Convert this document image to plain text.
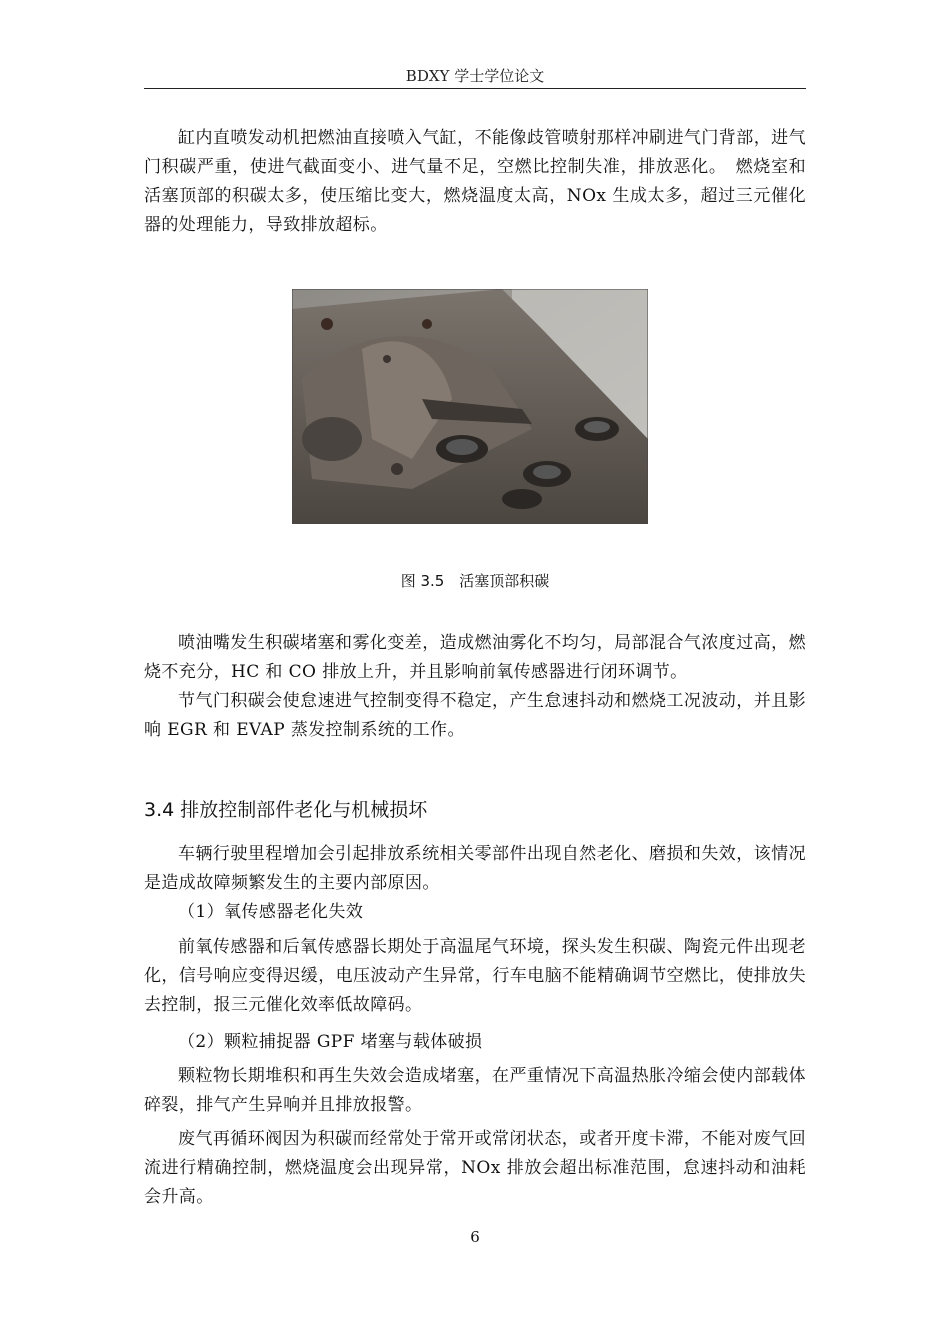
BDXY 学士学位论文

缸内直喷发动机把燃油直接喷入气缸，不能像歧管喷射那样冲刷进气门背部，进气门积碳严重，使进气截面变小、进气量不足，空燃比控制失准，排放恶化。　燃烧室和活塞顶部的积碳太多，使压缩比变大，燃烧温度太高，NOx 生成太多，超过三元催化器的处理能力，导致排放超标。

图 3.5　活塞顶部积碳

喷油嘴发生积碳堵塞和雾化变差，造成燃油雾化不均匀，局部混合气浓度过高，燃烧不充分，HC 和 CO 排放上升，并且影响前氧传感器进行闭环调节。

节气门积碳会使怠速进气控制变得不稳定，产生怠速抖动和燃烧工况波动，并且影响 EGR 和 EVAP 蒸发控制系统的工作。

3.4 排放控制部件老化与机械损坏

车辆行驶里程增加会引起排放系统相关零部件出现自然老化、磨损和失效，该情况是造成故障频繁发生的主要内部原因。

（1）氧传感器老化失效

前氧传感器和后氧传感器长期处于高温尾气环境，探头发生积碳、陶瓷元件出现老化，信号响应变得迟缓，电压波动产生异常，行车电脑不能精确调节空燃比，使排放失去控制，报三元催化效率低故障码。

（2）颗粒捕捉器 GPF 堵塞与载体破损

颗粒物长期堆积和再生失效会造成堵塞，在严重情况下高温热胀冷缩会使内部载体碎裂，排气产生异响并且排放报警。

废气再循环阀因为积碳而经常处于常开或常闭状态，或者开度卡滞，不能对废气回流进行精确控制，燃烧温度会出现异常，NOx 排放会超出标准范围，怠速抖动和油耗会升高。

6
